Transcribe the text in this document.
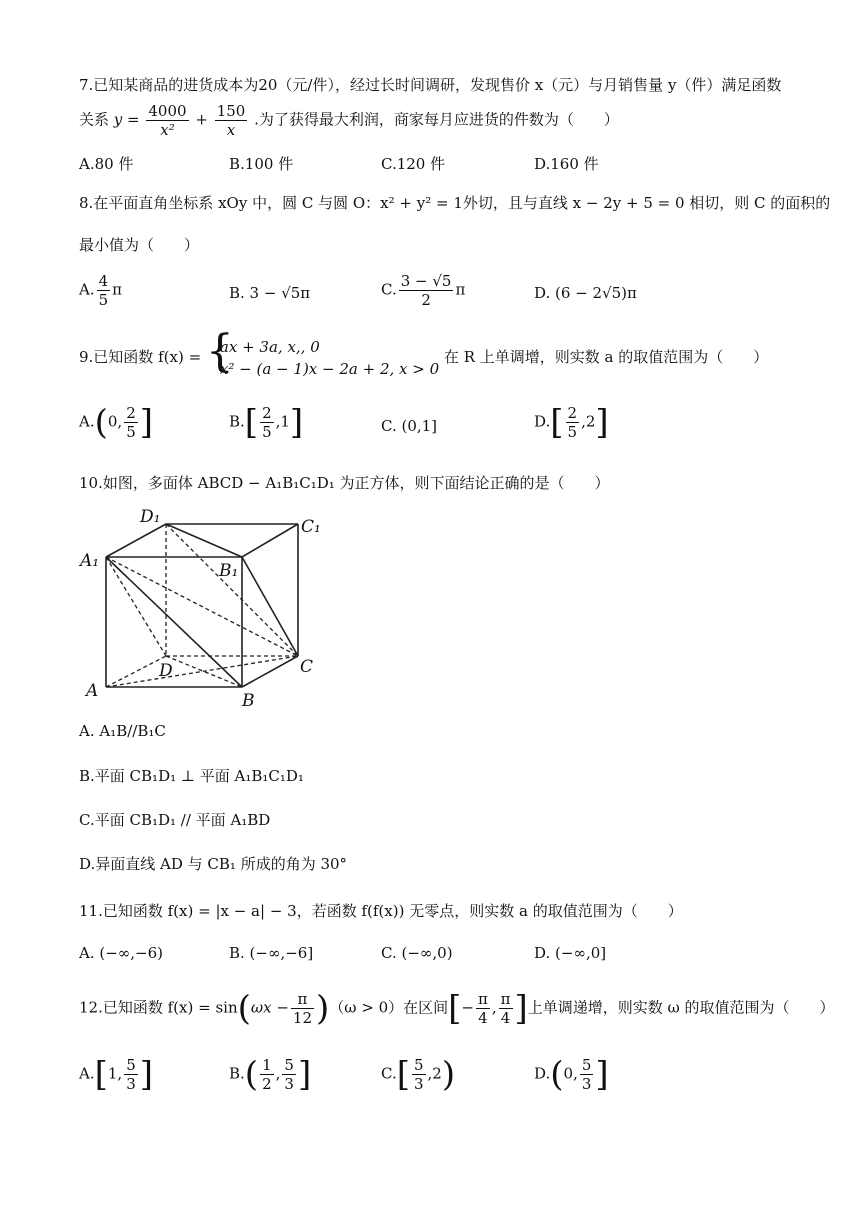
7.已知某商品的进货成本为20（元/件），经过长时间调研，发现售价 x（元）与月销售量 y（件）满足函数
关系 $y = \frac{4000}{\text{x²}} + \frac{150}{x}$ .为了获得最大利润，商家每月应进货的件数为（　　）
A.80 件	B.100 件	C.120 件	D.160 件
8.在平面直角坐标系 xOy 中，圆 C 与圆 O：x² + y² = 1外切，且与直线 x − 2y + 5 = 0 相切，则 C 的面积的
最小值为（　　）
A. $\frac{4}{5}$ π	B. 3 − √5π	C. $\frac{3 - √5}{2}$ π	D. (6 − 2√5)π
9.已知函数 f(x) = {
ax + 3a, x,, 0
x² − (a − 1)x − 2a + 2, x > 0
在 R 上单调增，则实数 a 的取值范围为（　　）
A.(0, $\frac{2}{5}$ ]	$B.[ \frac{2}{5} ,1]$	C. (0,1]	$D.[ \frac{2}{5} ,2]$
10.如图，多面体 ABCD − A₁B₁C₁D₁ 为正方体，则下面结论正确的是（　　）
D₁	C₁
A₁	B₁
D	C
A	B
A. A₁B//B₁C
B.平面 CB₁D₁ ⊥ 平面 A₁B₁C₁D₁
C.平面 CB₁D₁ // 平面 A₁BD
D.异面直线 AD 与 CB₁ 所成的角为 30°
11.已知函数 f(x) = |x − a| − 3，若函数 f(f(x)) 无零点，则实数 a 的取值范围为（　　）
A. (−∞,−6)	B. (−∞,−6]	C. (−∞,0)	D. (−∞,0]
12.已知函数 $f(x) = \sin(\omega x - \frac{\pi}{12} )(\omega > 0)$在区间[− $\frac{\pi}{4}$ , $\frac{\pi}{4}$ ]上单调递增，则实数 ω 的取值范围为（　　）
A.[1, $\frac{5}{3}$ ]	$B.( \frac{1}{2}$ , $\frac{5}{3}$ ]	$C.[ \frac{5}{3} ,2)$	D.(0, $\frac{5}{3}$ ]
